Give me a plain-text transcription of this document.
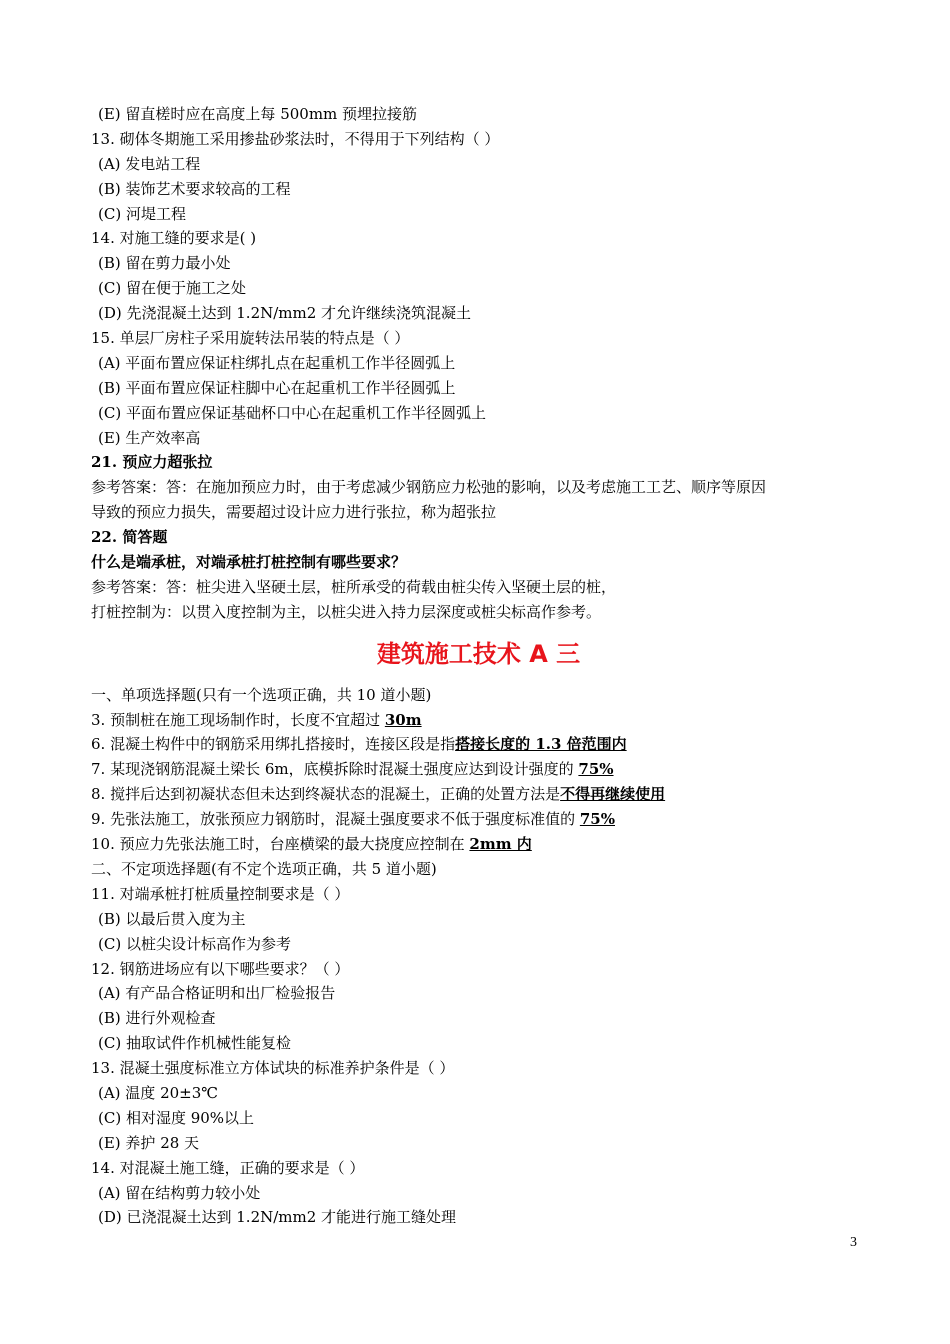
(E) 留直槎时应在高度上每 500mm 预埋拉接筋
13. 砌体冬期施工采用掺盐砂浆法时，不得用于下列结构（ ）
(A) 发电站工程
(B) 装饰艺术要求较高的工程
(C) 河堤工程
14. 对施工缝的要求是( )
(B) 留在剪力最小处
(C) 留在便于施工之处
(D) 先浇混凝土达到 1.2N/mm2 才允许继续浇筑混凝土
15. 单层厂房柱子采用旋转法吊装的特点是（ ）
(A) 平面布置应保证柱绑扎点在起重机工作半径圆弧上
(B) 平面布置应保证柱脚中心在起重机工作半径圆弧上
(C) 平面布置应保证基础杯口中心在起重机工作半径圆弧上
(E) 生产效率高
21. 预应力超张拉
参考答案：答：在施加预应力时，由于考虑减少钢筋应力松弛的影响，以及考虑施工工艺、顺序等原因
导致的预应力损失，需要超过设计应力进行张拉，称为超张拉
22. 简答题
什么是端承桩，对端承桩打桩控制有哪些要求？
参考答案：答：桩尖进入坚硬土层，桩所承受的荷载由桩尖传入坚硬土层的桩，
打桩控制为：以贯入度控制为主，以桩尖进入持力层深度或桩尖标高作参考。
建筑施工技术 A 三
一、单项选择题(只有一个选项正确，共 10 道小题)
3. 预制桩在施工现场制作时，长度不宜超过 30m
6. 混凝土构件中的钢筋采用绑扎搭接时，连接区段是指搭接长度的 1.3 倍范围内
7. 某现浇钢筋混凝土梁长 6m，底模拆除时混凝土强度应达到设计强度的 75%
8. 搅拌后达到初凝状态但未达到终凝状态的混凝土，正确的处置方法是不得再继续使用
9. 先张法施工，放张预应力钢筋时，混凝土强度要求不低于强度标准值的 75%
10. 预应力先张法施工时，台座横梁的最大挠度应控制在 2mm 内
二、不定项选择题(有不定个选项正确，共 5 道小题)
11. 对端承桩打桩质量控制要求是（ ）
(B) 以最后贯入度为主
(C) 以桩尖设计标高作为参考
12. 钢筋进场应有以下哪些要求？（ ）
(A) 有产品合格证明和出厂检验报告
(B) 进行外观检查
(C) 抽取试件作机械性能复检
13. 混凝土强度标准立方体试块的标准养护条件是（ ）
(A) 温度 20±3℃
(C) 相对湿度 90%以上
(E) 养护 28 天
14. 对混凝土施工缝，正确的要求是（ ）
(A) 留在结构剪力较小处
(D) 已浇混凝土达到 1.2N/mm2 才能进行施工缝处理
3
